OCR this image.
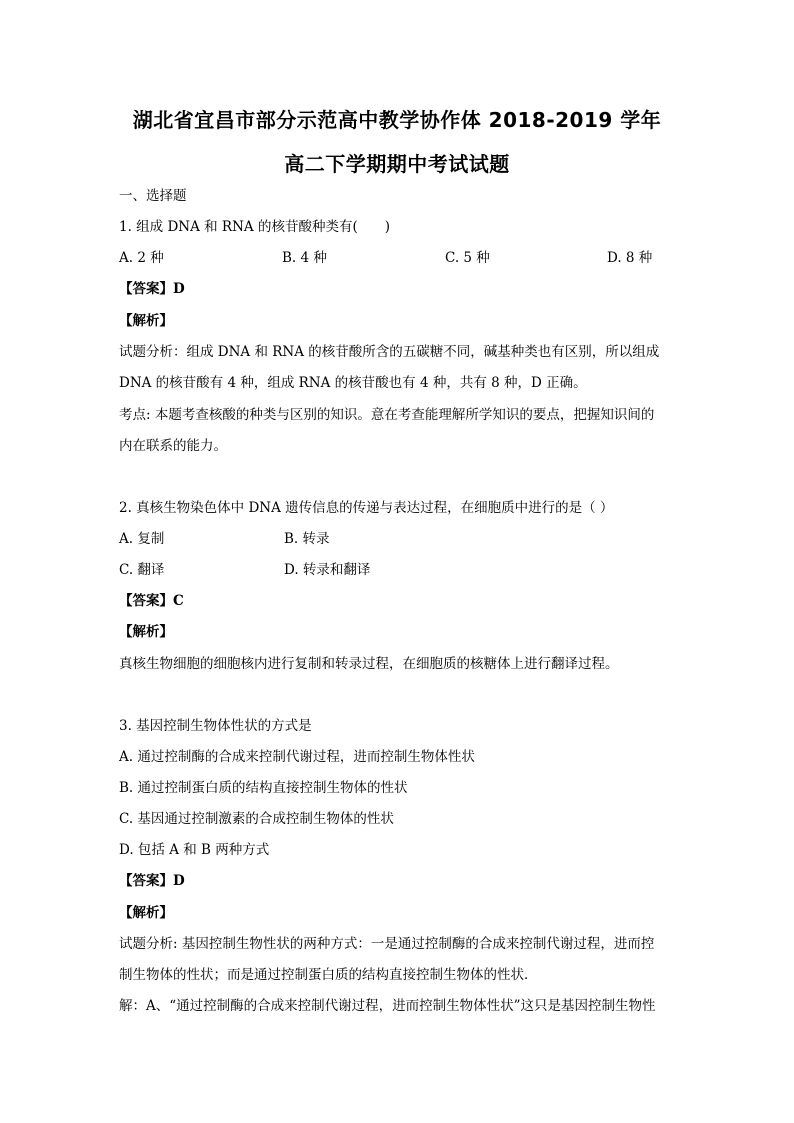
湖北省宜昌市部分示范高中教学协作体 2018-2019 学年
高二下学期期中考试试题
一、选择题
1. 组成 DNA 和 RNA 的核苷酸种类有(　　)
A. 2 种	B. 4 种	C. 5 种	D. 8 种
【答案】D
【解析】
试题分析：组成 DNA 和 RNA 的核苷酸所含的五碳糖不同，碱基种类也有区别，所以组成
DNA 的核苷酸有 4 种，组成 RNA 的核苷酸也有 4 种，共有 8 种，D 正确。
考点: 本题考查核酸的种类与区别的知识。意在考查能理解所学知识的要点，把握知识间的
内在联系的能力。
2. 真核生物染色体中 DNA 遗传信息的传递与表达过程，在细胞质中进行的是（ ）
A. 复制	B. 转录
C. 翻译	D. 转录和翻译
【答案】C
【解析】
真核生物细胞的细胞核内进行复制和转录过程，在细胞质的核糖体上进行翻译过程。
3. 基因控制生物体性状的方式是
A. 通过控制酶的合成来控制代谢过程，进而控制生物体性状
B. 通过控制蛋白质的结构直接控制生物体的性状
C. 基因通过控制激素的合成控制生物体的性状
D. 包括 A 和 B 两种方式
【答案】D
【解析】
试题分析: 基因控制生物性状的两种方式：一是通过控制酶的合成来控制代谢过程，进而控
制生物体的性状；而是通过控制蛋白质的结构直接控制生物体的性状．
解：A、“通过控制酶的合成来控制代谢过程，进而控制生物体性状”这只是基因控制生物性
